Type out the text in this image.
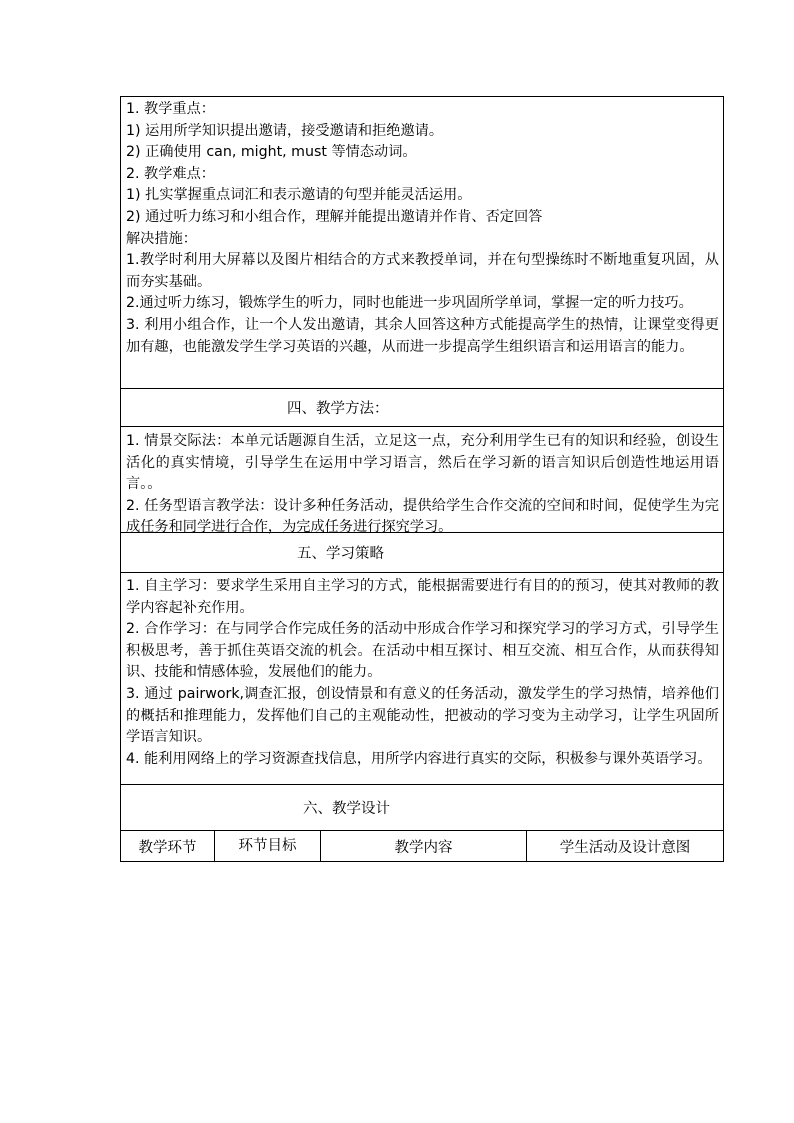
1. 教学重点：

1) 运用所学知识提出邀请，接受邀请和拒绝邀请。

2) 正确使用 can, might, must 等情态动词。

2. 教学难点：

1) 扎实掌握重点词汇和表示邀请的句型并能灵活运用。

2) 通过听力练习和小组合作，理解并能提出邀请并作肯、否定回答

解决措施：

1.教学时利用大屏幕以及图片相结合的方式来教授单词，并在句型操练时不断地重复巩固，从而夯实基础。

2.通过听力练习，锻炼学生的听力，同时也能进一步巩固所学单词，掌握一定的听力技巧。

3. 利用小组合作，让一个人发出邀请，其余人回答这种方式能提高学生的热情，让课堂变得更加有趣，也能激发学生学习英语的兴趣，从而进一步提高学生组织语言和运用语言的能力。

四、教学方法：

1. 情景交际法：本单元话题源自生活，立足这一点，充分利用学生已有的知识和经验，创设生活化的真实情境，引导学生在运用中学习语言，然后在学习新的语言知识后创造性地运用语言。。

2. 任务型语言教学法：设计多种任务活动，提供给学生合作交流的空间和时间，促使学生为完成任务和同学进行合作，为完成任务进行探究学习。

五、学习策略

1. 自主学习：要求学生采用自主学习的方式，能根据需要进行有目的的预习，使其对教师的教学内容起补充作用。

2. 合作学习：在与同学合作完成任务的活动中形成合作学习和探究学习的学习方式，引导学生积极思考，善于抓住英语交流的机会。在活动中相互探讨、相互交流、相互合作，从而获得知识、技能和情感体验，发展他们的能力。

3. 通过 pairwork,调查汇报，创设情景和有意义的任务活动，激发学生的学习热情，培养他们的概括和推理能力，发挥他们自己的主观能动性，把被动的学习变为主动学习，让学生巩固所学语言知识。

4. 能利用网络上的学习资源查找信息，用所学内容进行真实的交际，积极参与课外英语学习。

六、教学设计
教学环节	环节目标	教学内容	学生活动及设计意图
